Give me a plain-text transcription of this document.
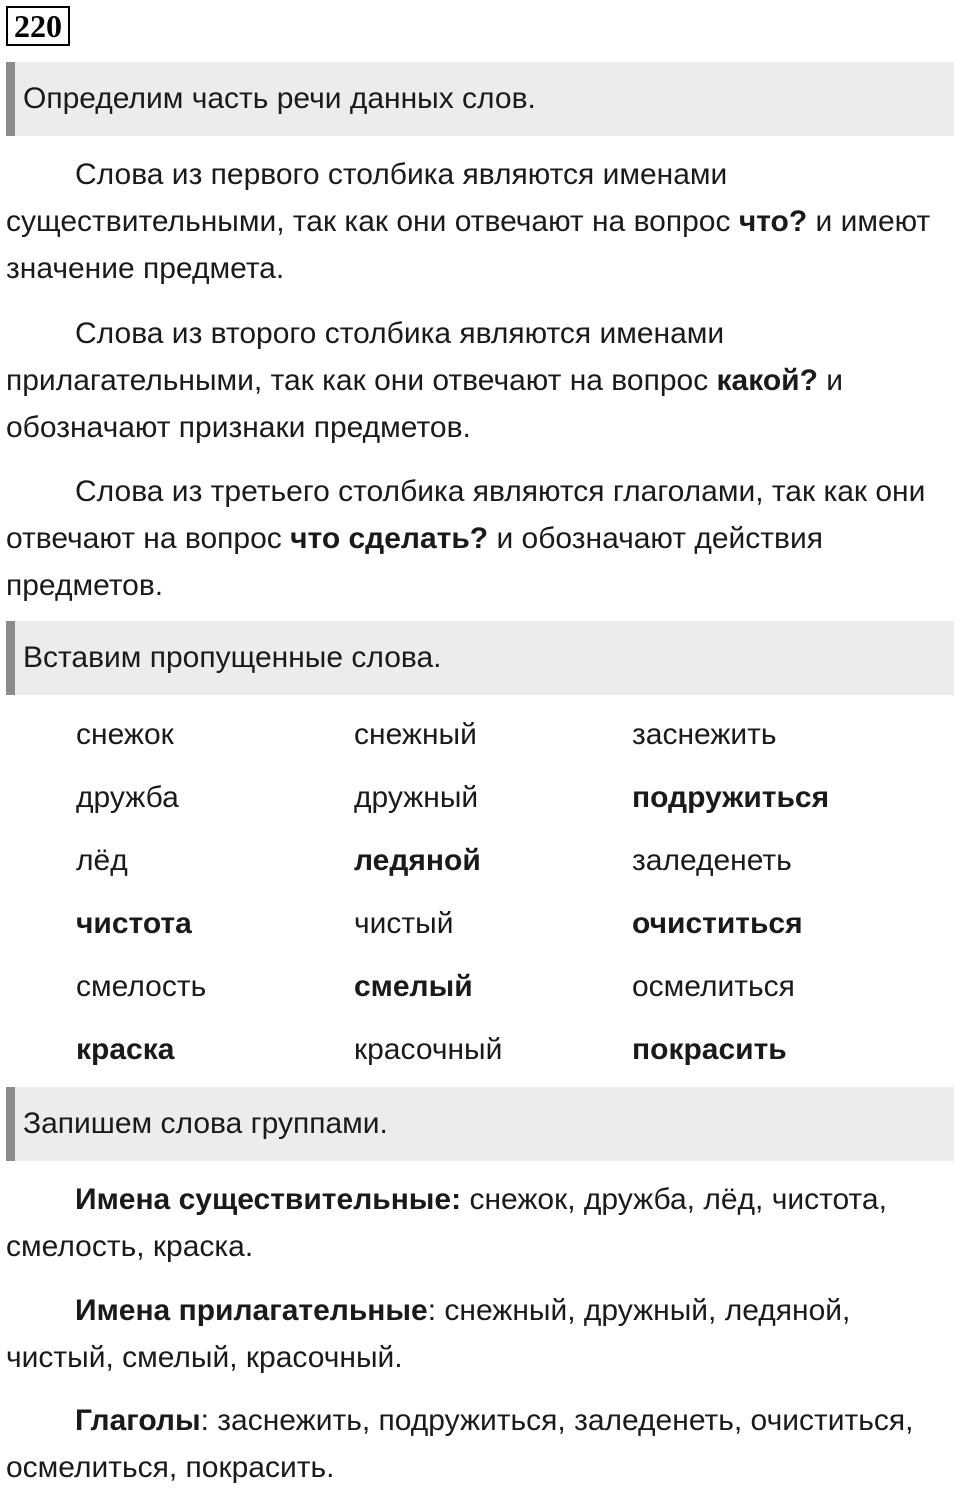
220
Определим часть речи данных слов.
Слова из первого столбика являются именами существительными, так как они отвечают на вопрос что? и имеют значение предмета.
Слова из второго столбика являются именами прилагательными, так как они отвечают на вопрос какой? и обозначают признаки предметов.
Слова из третьего столбика являются глаголами, так как они отвечают на вопрос что сделать? и обозначают действия предметов.
Вставим пропущенные слова.
снежок	снежный	заснежить
дружба	дружный	подружиться
лёд	ледяной	заледенеть
чистота	чистый	очиститься
смелость	смелый	осмелиться
краска	красочный	покрасить
Запишем слова группами.
Имена существительные: снежок, дружба, лёд, чистота, смелость, краска.
Имена прилагательные: снежный, дружный, ледяной, чистый, смелый, красочный.
Глаголы: заснежить, подружиться, заледенеть, очиститься, осмелиться, покрасить.
